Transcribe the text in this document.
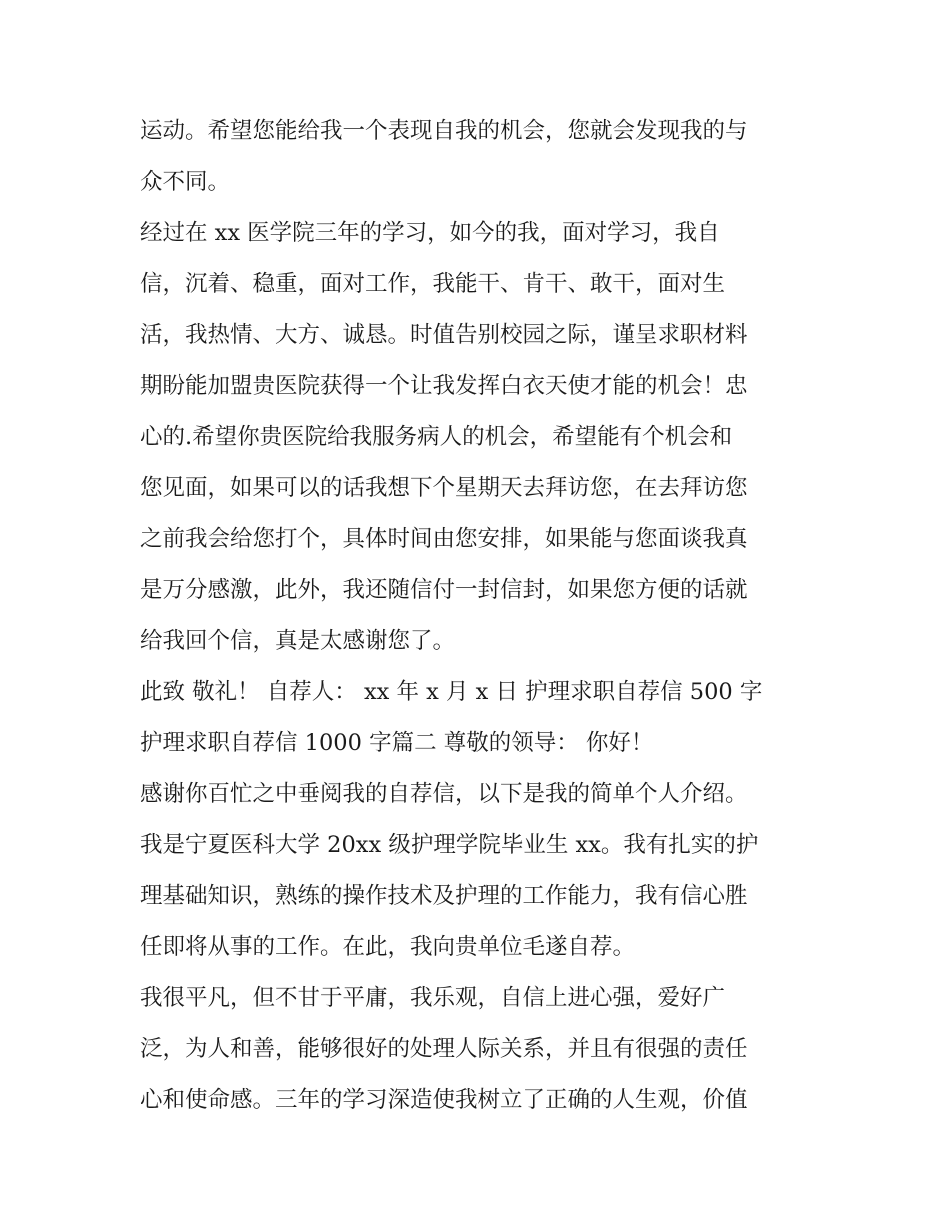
运动。希望您能给我一个表现自我的机会，您就会发现我的与
众不同。
经过在 xx 医学院三年的学习，如今的我，面对学习，我自
信，沉着、稳重，面对工作，我能干、肯干、敢干，面对生
活，我热情、大方、诚恳。时值告别校园之际，谨呈求职材料
期盼能加盟贵医院获得一个让我发挥白衣天使才能的机会！忠
心的.希望你贵医院给我服务病人的机会，希望能有个机会和
您见面，如果可以的话我想下个星期天去拜访您，在去拜访您
之前我会给您打个，具体时间由您安排，如果能与您面谈我真
是万分感激，此外，我还随信付一封信封，如果您方便的话就
给我回个信，真是太感谢您了。
此致 敬礼！ 自荐人： xx 年 x 月 x 日 护理求职自荐信 500 字
护理求职自荐信 1000 字篇二 尊敬的领导： 你好！
感谢你百忙之中垂阅我的自荐信，以下是我的简单个人介绍。
我是宁夏医科大学 20xx 级护理学院毕业生 xx。我有扎实的护
理基础知识，熟练的操作技术及护理的工作能力，我有信心胜
任即将从事的工作。在此，我向贵单位毛遂自荐。
我很平凡，但不甘于平庸，我乐观，自信上进心强，爱好广
泛，为人和善，能够很好的处理人际关系，并且有很强的责任
心和使命感。三年的学习深造使我树立了正确的人生观，价值
